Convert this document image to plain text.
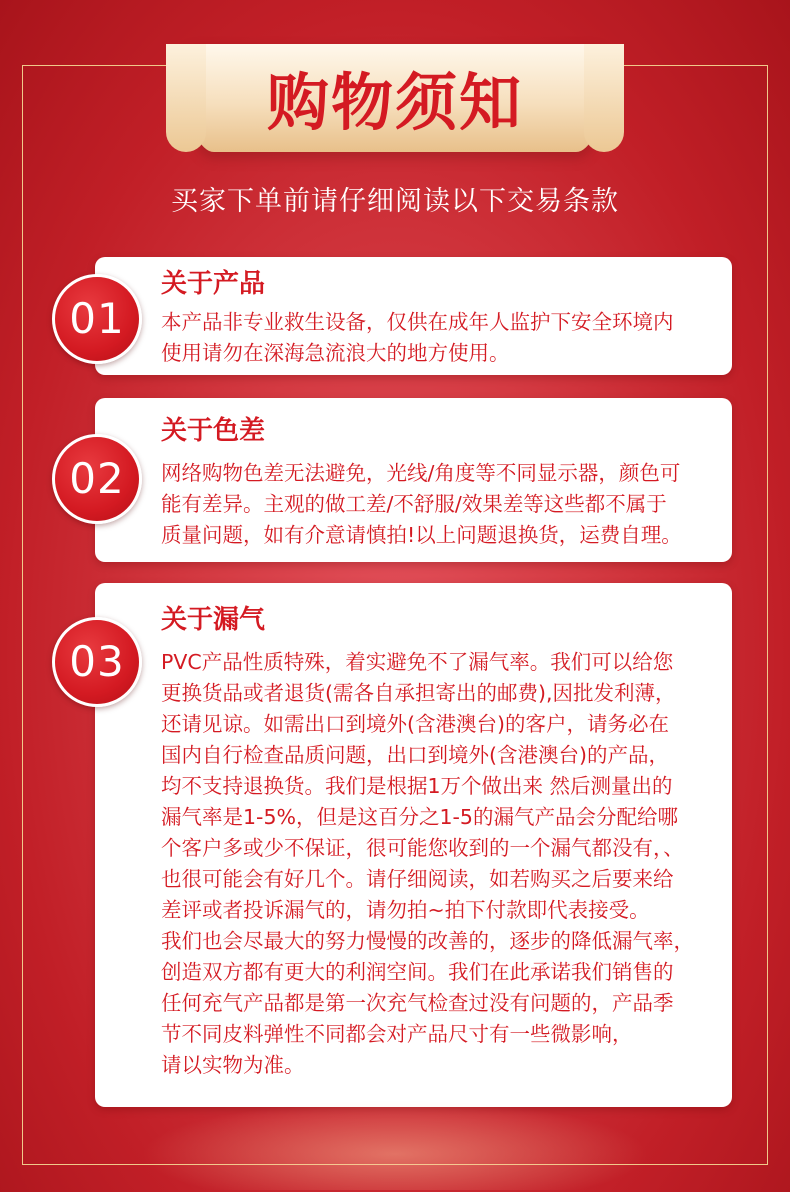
购物须知
买家下单前请仔细阅读以下交易条款
关于产品

本产品非专业救生设备，仅供在成年人监护下安全环境内
使用请勿在深海急流浪大的地方使用。

01
关于色差

网络购物色差无法避免，光线/角度等不同显示器，颜色可
能有差异。主观的做工差/不舒服/效果差等这些都不属于
质量问题，如有介意请慎拍!以上问题退换货，运费自理。

02
关于漏气

PVC产品性质特殊，着实避免不了漏气率。我们可以给您
更换货品或者退货(需各自承担寄出的邮费),因批发利薄，
还请见谅。如需出口到境外(含港澳台)的客户，请务必在
国内自行检查品质问题，出口到境外(含港澳台)的产品，
均不支持退换货。我们是根据1万个做出来 然后测量出的
漏气率是1-5%，但是这百分之1-5的漏气产品会分配给哪
个客户多或少不保证，很可能您收到的一个漏气都没有，、
也很可能会有好几个。请仔细阅读，如若购买之后要来给
差评或者投诉漏气的，请勿拍~拍下付款即代表接受。
我们也会尽最大的努力慢慢的改善的，逐步的降低漏气率，
创造双方都有更大的利润空间。我们在此承诺我们销售的
任何充气产品都是第一次充气检查过没有问题的，产品季
节不同皮料弹性不同都会对产品尺寸有一些微影响，
请以实物为准。

03
